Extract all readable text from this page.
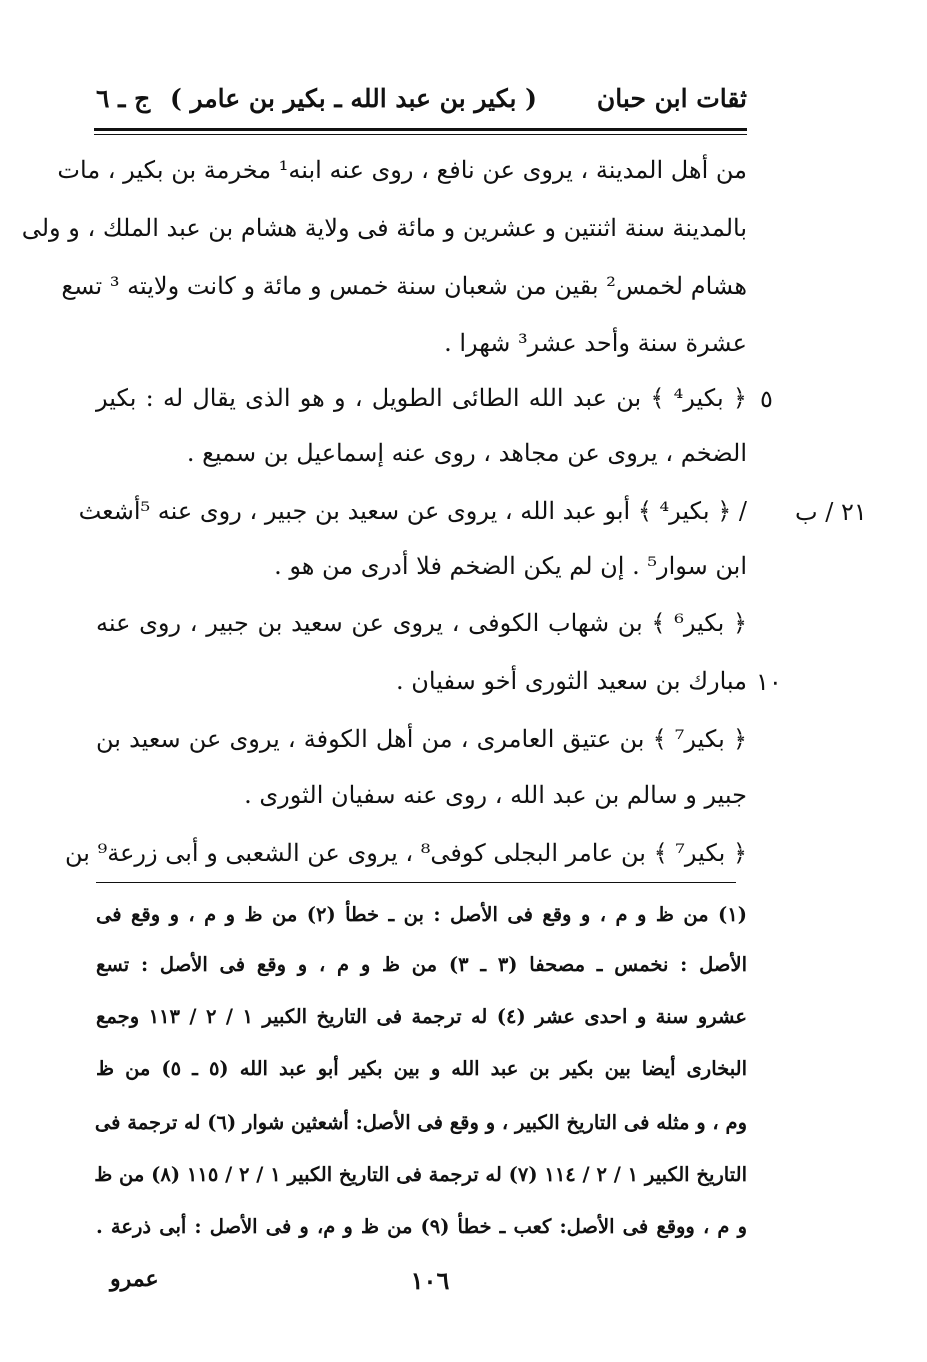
ثقات ابن حبان
( بكير بن عبد الله ـ بكير بن عامر )
ج ـ ٦
من أهل المدينة ، يروى عن نافع ، روى عنه ابنه¹ مخرمة بن بكير ، مات
بالمدينة سنة اثنتين و عشرين و مائة فى ولاية هشام بن عبد الملك ، و ولى
هشام لخمس² بقين من شعبان سنة خمس و مائة و كانت ولايته ³ تسع
عشرة سنة وأحد عشر³ شهرا .
﴿ بكير⁴ ﴾ بن عبد الله الطائى الطويل ، و هو الذى يقال له : بكير ٥
الضخم ، يروى عن مجاهد ، روى عنه إسماعيل بن سميع .
/ ﴿ بكير⁴ ﴾ أبو عبد الله ، يروى عن سعيد بن جبير ، روى عنه ⁵أشعث ٢١ / ب
ابن سوار⁵ . إن لم يكن الضخم فلا أدرى من هو .
﴿ بكير⁶ ﴾ بن شهاب الكوفى ، يروى عن سعيد بن جبير ، روى عنه
مبارك بن سعيد الثورى أخو سفيان . ١٠
﴿ بكير⁷ ﴾ بن عتيق العامرى ، من أهل الكوفة ، يروى عن سعيد بن
جبير و سالم بن عبد الله ، روى عنه سفيان الثورى .
﴿ بكير⁷ ﴾ بن عامر البجلى كوفى⁸ ، يروى عن الشعبى و أبى زرعة⁹ بن
(١) من ظ و م ، و وقع فى الأصل : بن ـ خطأ (٢) من ظ و م ، و وقع فى
الأصل : نخمس ـ مصحفا (٣ ـ ٣) من ظ و م ، و وقع فى الأصل : تسع
عشرو سنة و احدى عشر (٤) له ترجمة فى التاريخ الكبير ١ / ٢ / ١١٣ وجمع
البخارى أيضا بين بكير بن عبد الله و بين بكير أبو عبد الله (٥ ـ ٥) من ظ
وم ، و مثله فى التاريخ الكبير ، و وقع فى الأصل: أشعثين شوار (٦) له ترجمة فى
التاريخ الكبير ١ / ٢ / ١١٤ (٧) له ترجمة فى التاريخ الكبير ١ / ٢ / ١١٥ (٨) من ظ
و م ، ووقع فى الأصل: كعب ـ خطأ (٩) من ظ و م، و فى الأصل : أبى ذرعة .
١٠٦
عمرو
